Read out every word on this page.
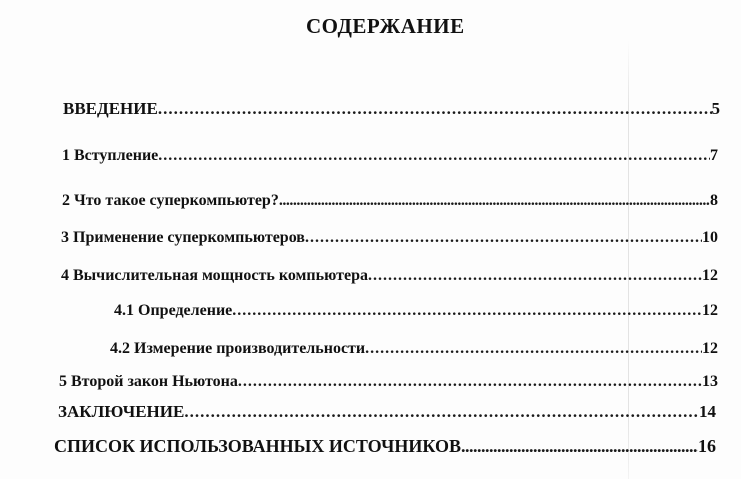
СОДЕРЖАНИЕ
ВВЕДЕНИЕ .....	5
1 Вступление .....	7
2 Что такое суперкомпьютер? .....	8
3 Применение суперкомпьютеров .....	10
4 Вычислительная мощность компьютера .....	12
4.1 Определение .....	12
4.2 Измерение производительности .....	12
5 Второй закон Ньютона .....	13
ЗАКЛЮЧЕНИЕ .....	14
СПИСОК ИСПОЛЬЗОВАННЫХ ИСТОЧНИКОВ .....	16
